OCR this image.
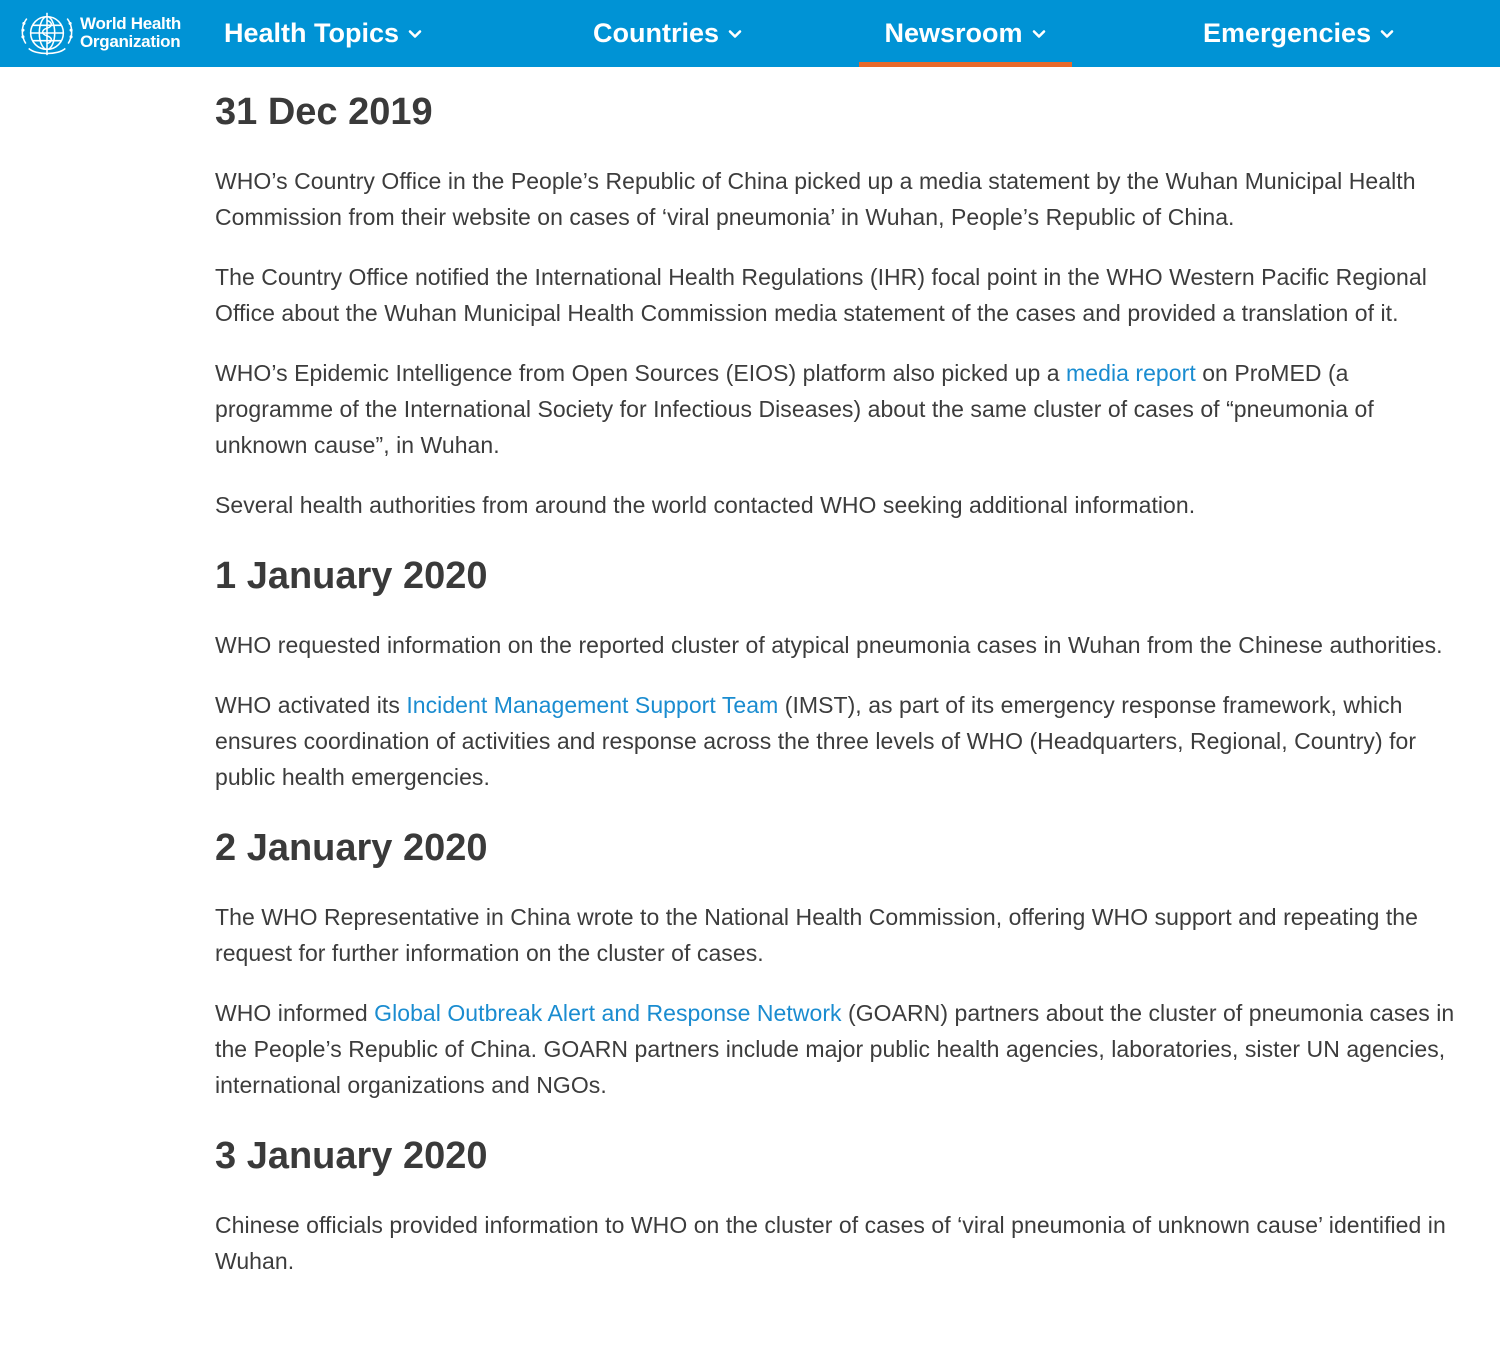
World Health
Organization Health Topics	Countries	Newsroom	Emergencies
31 Dec 2019

WHO’s Country Office in the People’s Republic of China picked up a media statement by the Wuhan Municipal Health Commission from their website on cases of ‘viral pneumonia’ in Wuhan, People’s Republic of China.

The Country Office notified the International Health Regulations (IHR) focal point in the WHO Western Pacific Regional Office about the Wuhan Municipal Health Commission media statement of the cases and provided a translation of it.

WHO’s Epidemic Intelligence from Open Sources (EIOS) platform also picked up a media report on ProMED (a programme of the International Society for Infectious Diseases) about the same cluster of cases of “pneumonia of unknown cause”, in Wuhan.

Several health authorities from around the world contacted WHO seeking additional information.

1 January 2020

WHO requested information on the reported cluster of atypical pneumonia cases in Wuhan from the Chinese authorities.

WHO activated its Incident Management Support Team (IMST), as part of its emergency response framework, which ensures coordination of activities and response across the three levels of WHO (Headquarters, Regional, Country) for public health emergencies.

2 January 2020

The WHO Representative in China wrote to the National Health Commission, offering WHO support and repeating the request for further information on the cluster of cases.

WHO informed Global Outbreak Alert and Response Network (GOARN) partners about the cluster of pneumonia cases in the People’s Republic of China. GOARN partners include major public health agencies, laboratories, sister UN agencies, international organizations and NGOs.

3 January 2020

Chinese officials provided information to WHO on the cluster of cases of ‘viral pneumonia of unknown cause’ identified in Wuhan.
